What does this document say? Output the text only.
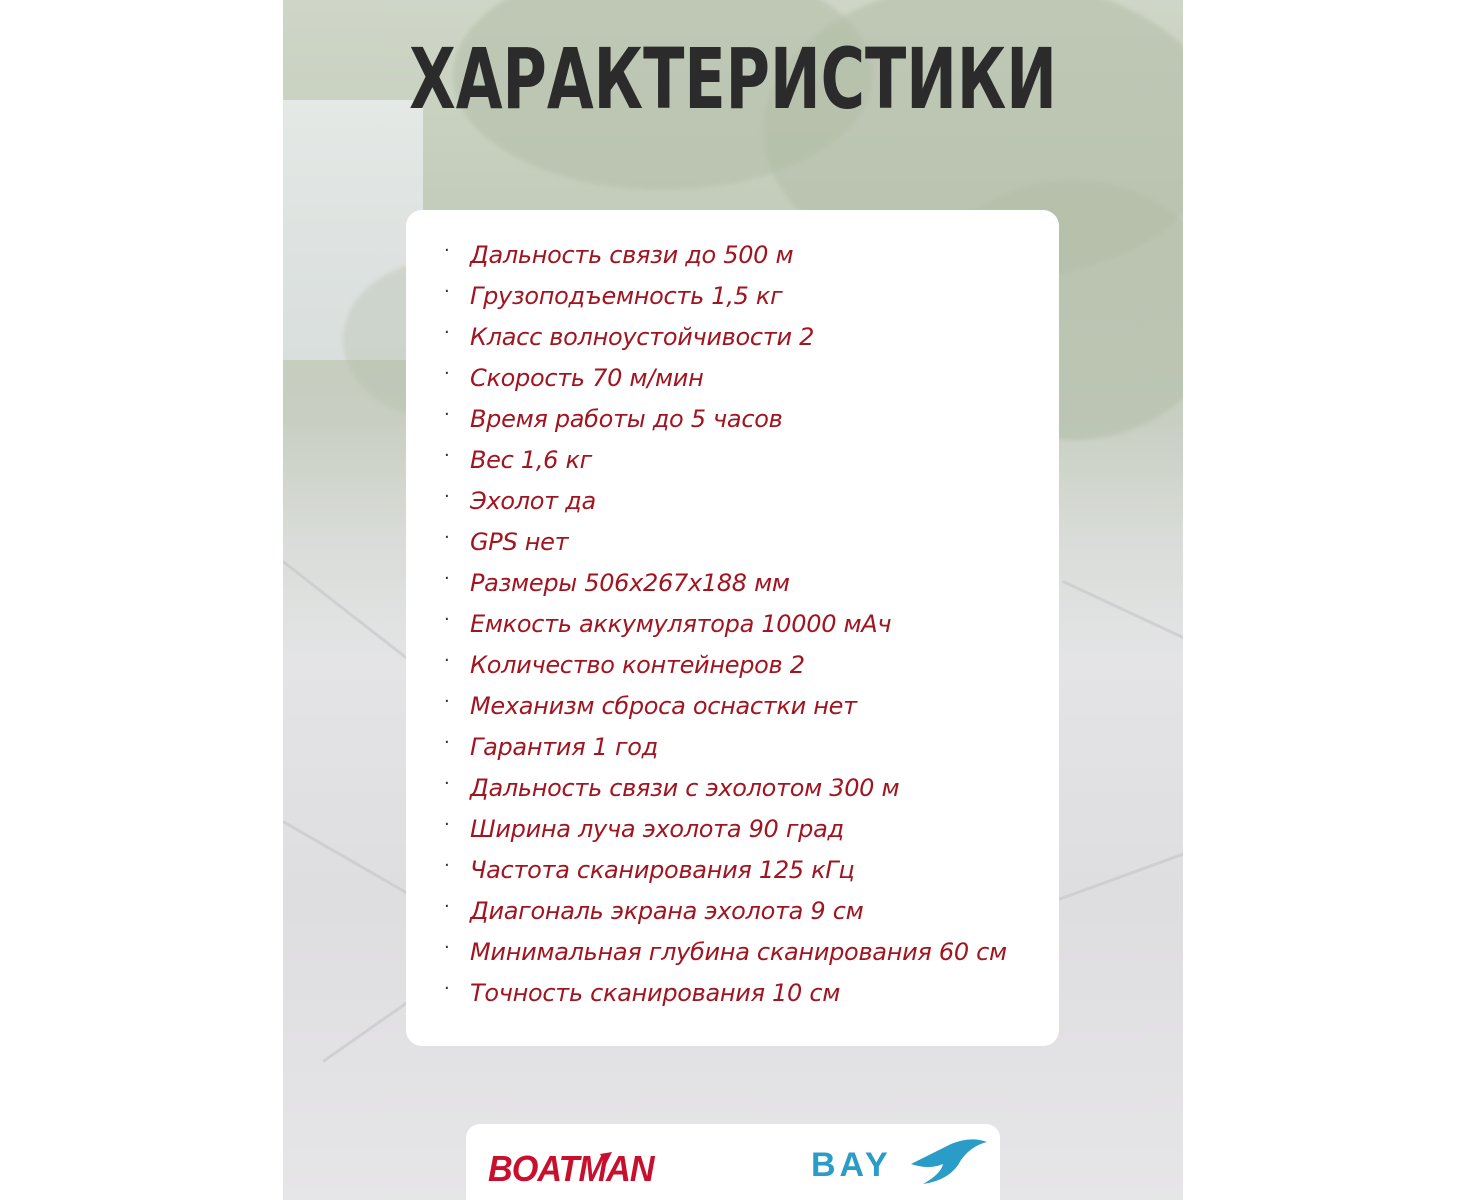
ХАРАКТЕРИСТИКИ
· Дальность связи до 500 м
· Грузоподъемность 1,5 кг
· Класс волноустойчивости 2
· Скорость 70 м/мин
· Время работы до 5 часов
· Вес 1,6 кг
· Эхолот да
· GPS нет
· Размеры 506x267x188 мм
· Емкость аккумулятора 10000 мАч
· Количество контейнеров 2
· Механизм сброса оснастки нет
· Гарантия 1 год
· Дальность связи с эхолотом 300 м
· Ширина луча эхолота 90 град
· Частота сканирования 125 кГц
· Диагональ экрана эхолота 9 см
· Минимальная глубина сканирования 60 см
· Точность сканирования 10 см
BOATMAN	BAY
